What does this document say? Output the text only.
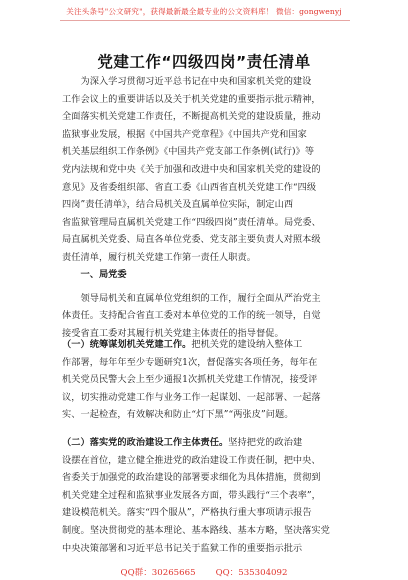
关注头条号"公文研究"，获得最新最全最专业的公文资料库！ 微信：gongwenyj
党建工作“四级四岗”责任清单
　　为深入学习贯彻习近平总书记在中央和国家机关党的建设
工作会议上的重要讲话以及关于机关党建的重要指示批示精神，
全面落实机关党建工作责任，不断提高机关党的建设质量，推动
监狱事业发展，根据《中国共产党章程》《中国共产党和国家
机关基层组织工作条例》《中国共产党支部工作条例(试行)》等
党内法规和党中央《关于加强和改进中央和国家机关党的建设的
意见》及省委组织部、省直工委《山西省直机关党建工作“四级
四岗”责任清单》，结合局机关及直属单位实际，制定山西
省监狱管理局直属机关党建工作“四级四岗”责任清单。局党委、
局直属机关党委、局直各单位党委、党支部主要负责人对照本级
责任清单，履行机关党建工作第一责任人职责。
　　一、局党委
　　领导局机关和直属单位党组织的工作，履行全面从严治党主
体责任。支持配合省直工委对本单位党的工作的统一领导，自觉
接受省直工委对其履行机关党建主体责任的指导督促。
（一）统筹谋划机关党建工作。把机关党的建设纳入整体工
作部署，每年年至少专题研究1次，督促落实各项任务，每年在
机关党员民警大会上至少通报1次抓机关党建工作情况，接受评
议，切实推动党建工作与业务工作一起谋划、一起部署、一起落
实、一起检查，有效解决和防止“灯下黑”“两张皮”问题。
（二）落实党的政治建设工作主体责任。坚持把党的政治建
设摆在首位，建立健全推进党的政治建设工作责任制，把中央、
省委关于加强党的政治建设的部署要求细化为具体措施，贯彻到
机关党建全过程和监狱事业发展各方面，带头践行“三个表率”，
建设模范机关。落实“四个服从”，严格执行重大事项请示报告
制度。坚决贯彻党的基本理论、基本路线、基本方略，坚决落实党
中央决策部署和习近平总书记关于监狱工作的重要指示批示
QQ群：30265665 QQ：535304092
